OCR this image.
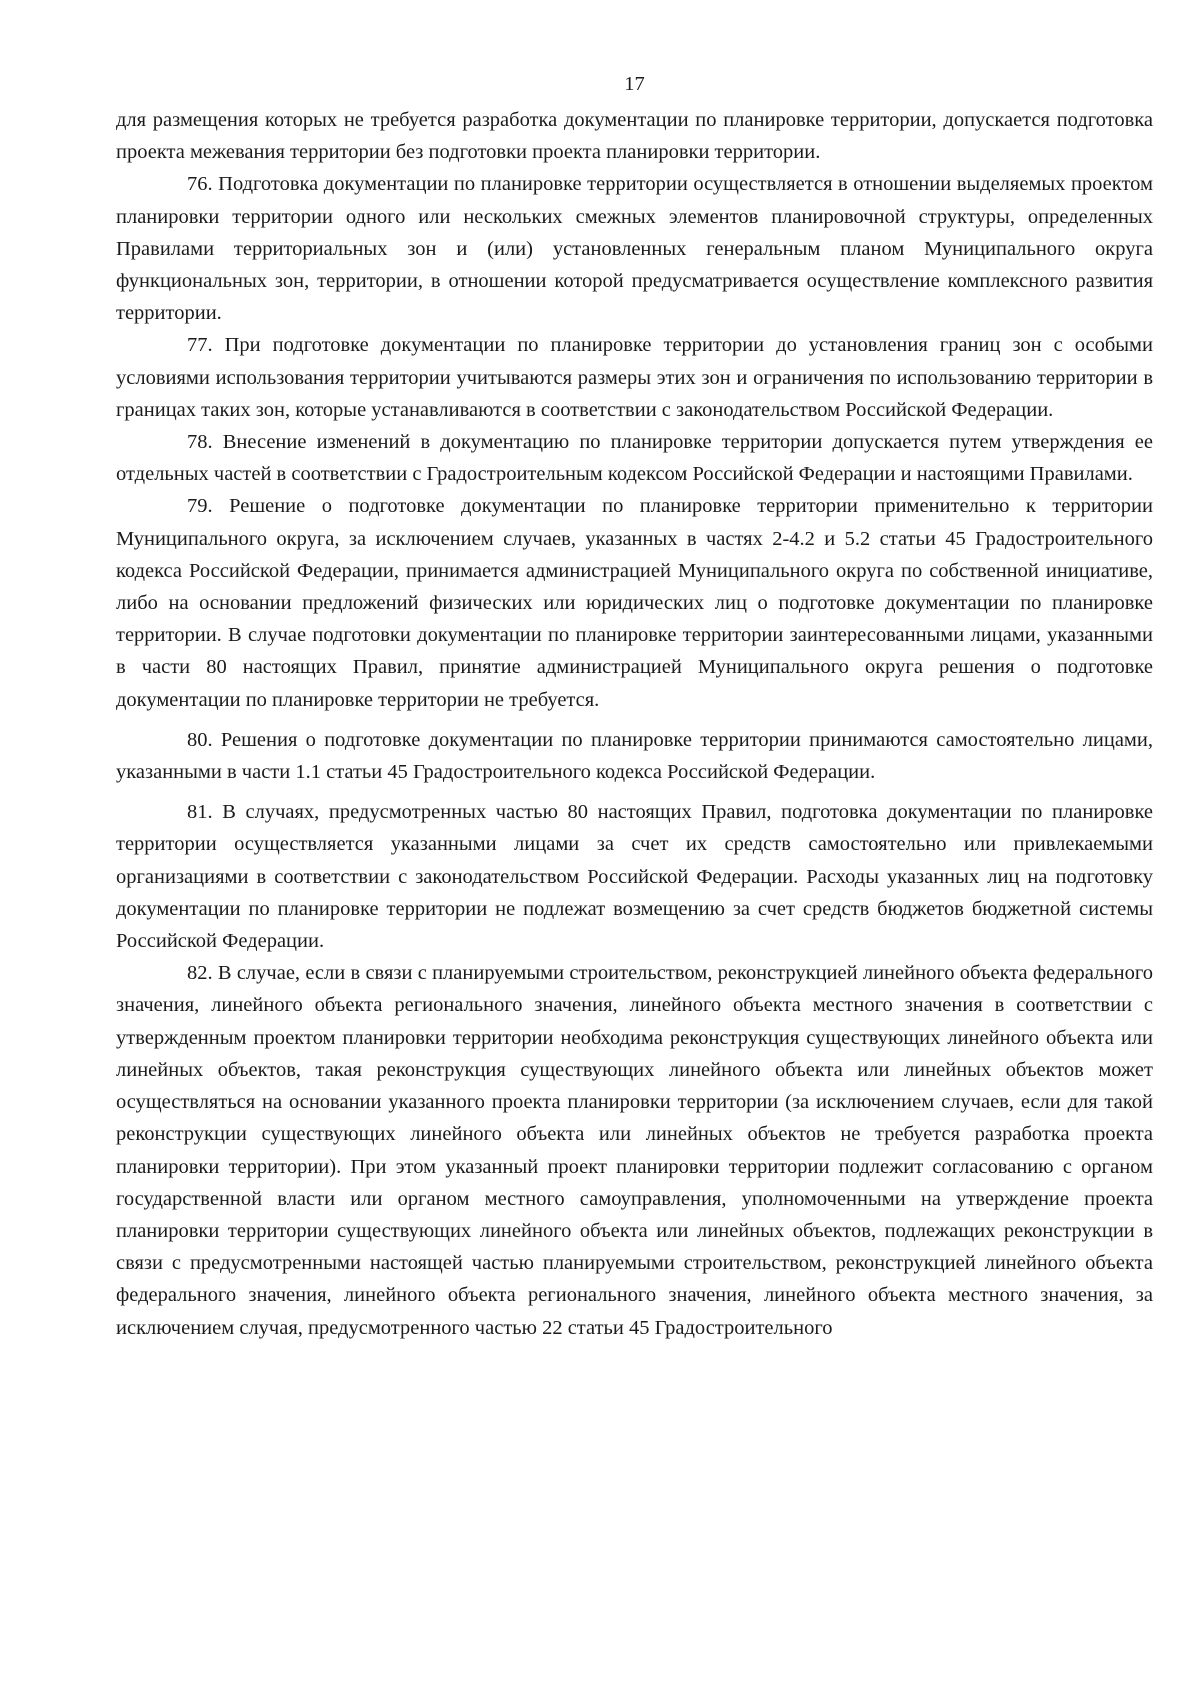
17

для размещения которых не требуется разработка документации по планировке территории, допускается подготовка проекта межевания территории без подготовки проекта планировки территории.

76. Подготовка документации по планировке территории осуществляется в отношении выделяемых проектом планировки территории одного или нескольких смежных элементов планировочной структуры, определенных Правилами территориальных зон и (или) установленных генеральным планом Муниципального округа функциональных зон, территории, в отношении которой предусматривается осуществление комплексного развития территории.

77. При подготовке документации по планировке территории до установления границ зон с особыми условиями использования территории учитываются размеры этих зон и ограничения по использованию территории в границах таких зон, которые устанавливаются в соответствии с законодательством Российской Федерации.

78. Внесение изменений в документацию по планировке территории допускается путем утверждения ее отдельных частей в соответствии с Градостроительным кодексом Российской Федерации и настоящими Правилами.

79. Решение о подготовке документации по планировке территории применительно к территории Муниципального округа, за исключением случаев, указанных в частях 2-4.2 и 5.2 статьи 45 Градостроительного кодекса Российской Федерации, принимается администрацией Муниципального округа по собственной инициативе, либо на основании предложений физических или юридических лиц о подготовке документации по планировке территории. В случае подготовки документации по планировке территории заинтересованными лицами, указанными в части 80 настоящих Правил, принятие администрацией Муниципального округа решения о подготовке документации по планировке территории не требуется.

80. Решения о подготовке документации по планировке территории принимаются самостоятельно лицами, указанными в части 1.1 статьи 45 Градостроительного кодекса Российской Федерации.

81. В случаях, предусмотренных частью 80 настоящих Правил, подготовка документации по планировке территории осуществляется указанными лицами за счет их средств самостоятельно или привлекаемыми организациями в соответствии с законодательством Российской Федерации. Расходы указанных лиц на подготовку документации по планировке территории не подлежат возмещению за счет средств бюджетов бюджетной системы Российской Федерации.

82. В случае, если в связи с планируемыми строительством, реконструкцией линейного объекта федерального значения, линейного объекта регионального значения, линейного объекта местного значения в соответствии с утвержденным проектом планировки территории необходима реконструкция существующих линейного объекта или линейных объектов, такая реконструкция существующих линейного объекта или линейных объектов может осуществляться на основании указанного проекта планировки территории (за исключением случаев, если для такой реконструкции существующих линейного объекта или линейных объектов не требуется разработка проекта планировки территории). При этом указанный проект планировки территории подлежит согласованию с органом государственной власти или органом местного самоуправления, уполномоченными на утверждение проекта планировки территории существующих линейного объекта или линейных объектов, подлежащих реконструкции в связи с предусмотренными настоящей частью планируемыми строительством, реконструкцией линейного объекта федерального значения, линейного объекта регионального значения, линейного объекта местного значения, за исключением случая, предусмотренного частью 22 статьи 45 Градостроительного
